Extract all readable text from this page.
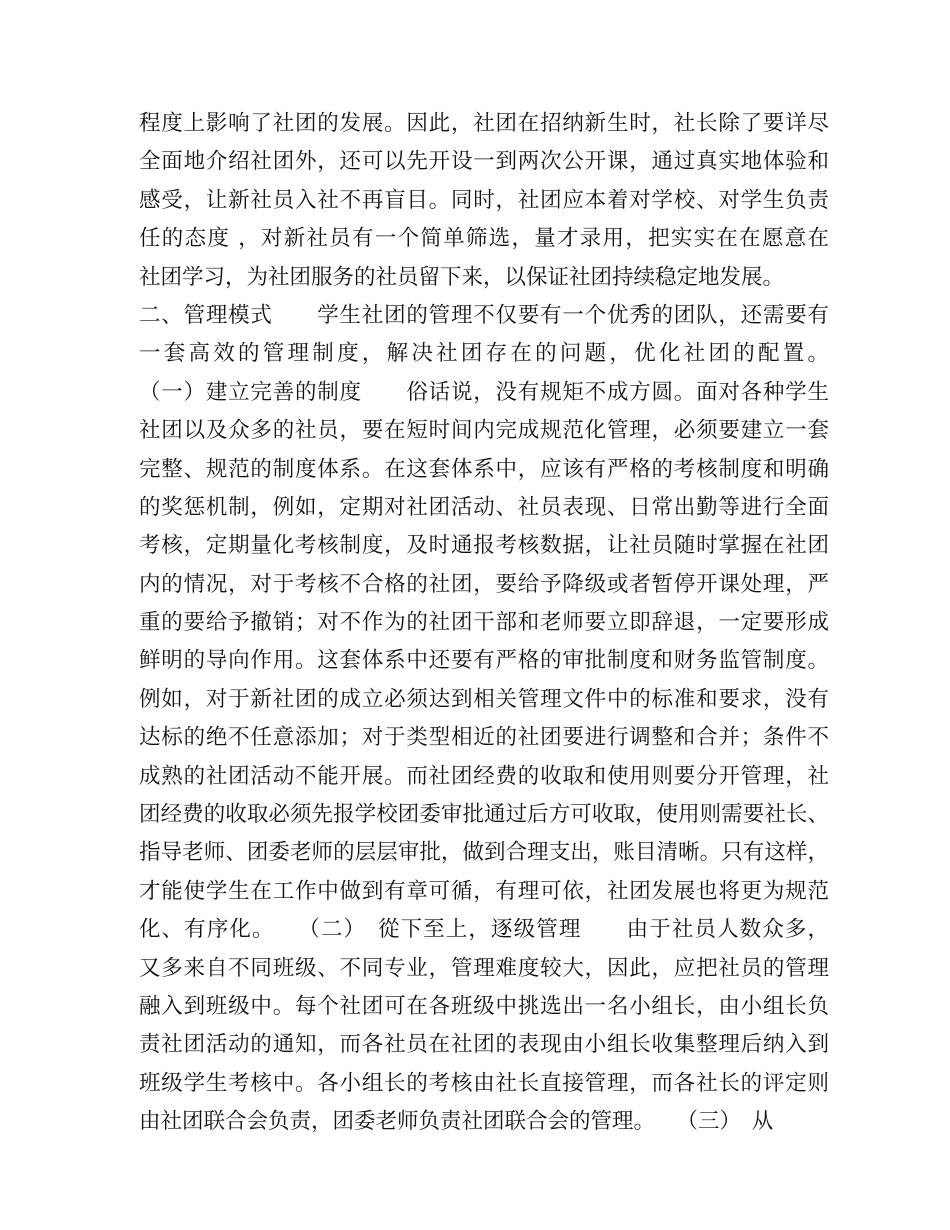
程度上影响了社团的发展。因此，社团在招纳新生时，社长除了要详尽
全面地介绍社团外，还可以先开设一到两次公开课，通过真实地体验和
感受，让新社员入社不再盲目。同时，社团应本着对学校、对学生负责
任的态度 ，对新社员有一个简单筛选，量才录用，把实实在在愿意在
社团学习，为社团服务的社员留下来，以保证社团持续稳定地发展。
二、管理模式　　学生社团的管理不仅要有一个优秀的团队，还需要有
一套高效的管理制度，解决社团存在的问题，优化社团的配置。
（一）建立完善的制度　　俗话说，没有规矩不成方圆。面对各种学生
社团以及众多的社员，要在短时间内完成规范化管理，必须要建立一套
完整、规范的制度体系。在这套体系中，应该有严格的考核制度和明确
的奖惩机制，例如，定期对社团活动、社员表现、日常出勤等进行全面
考核，定期量化考核制度，及时通报考核数据，让社员随时掌握在社团
内的情况，对于考核不合格的社团，要给予降级或者暂停开课处理，严
重的要给予撤销；对不作为的社团干部和老师要立即辞退，一定要形成
鲜明的导向作用。这套体系中还要有严格的审批制度和财务监管制度。
例如，对于新社团的成立必须达到相关管理文件中的标准和要求，没有
达标的绝不任意添加；对于类型相近的社团要进行调整和合并；条件不
成熟的社团活动不能开展。而社团经费的收取和使用则要分开管理，社
团经费的收取必须先报学校团委审批通过后方可收取，使用则需要社长、
指导老师、团委老师的层层审批，做到合理支出，账目清晰。只有这样，
才能使学生在工作中做到有章可循，有理可依，社团发展也将更为规范
化、有序化。　　（二）　從下至上，逐级管理　　由于社员人数众多，
又多来自不同班级、不同专业，管理难度较大，因此，应把社员的管理
融入到班级中。每个社团可在各班级中挑选出一名小组长，由小组长负
责社团活动的通知，而各社员在社团的表现由小组长收集整理后纳入到
班级学生考核中。各小组长的考核由社长直接管理，而各社长的评定则
由社团联合会负责，团委老师负责社团联合会的管理。　　（三）　从
